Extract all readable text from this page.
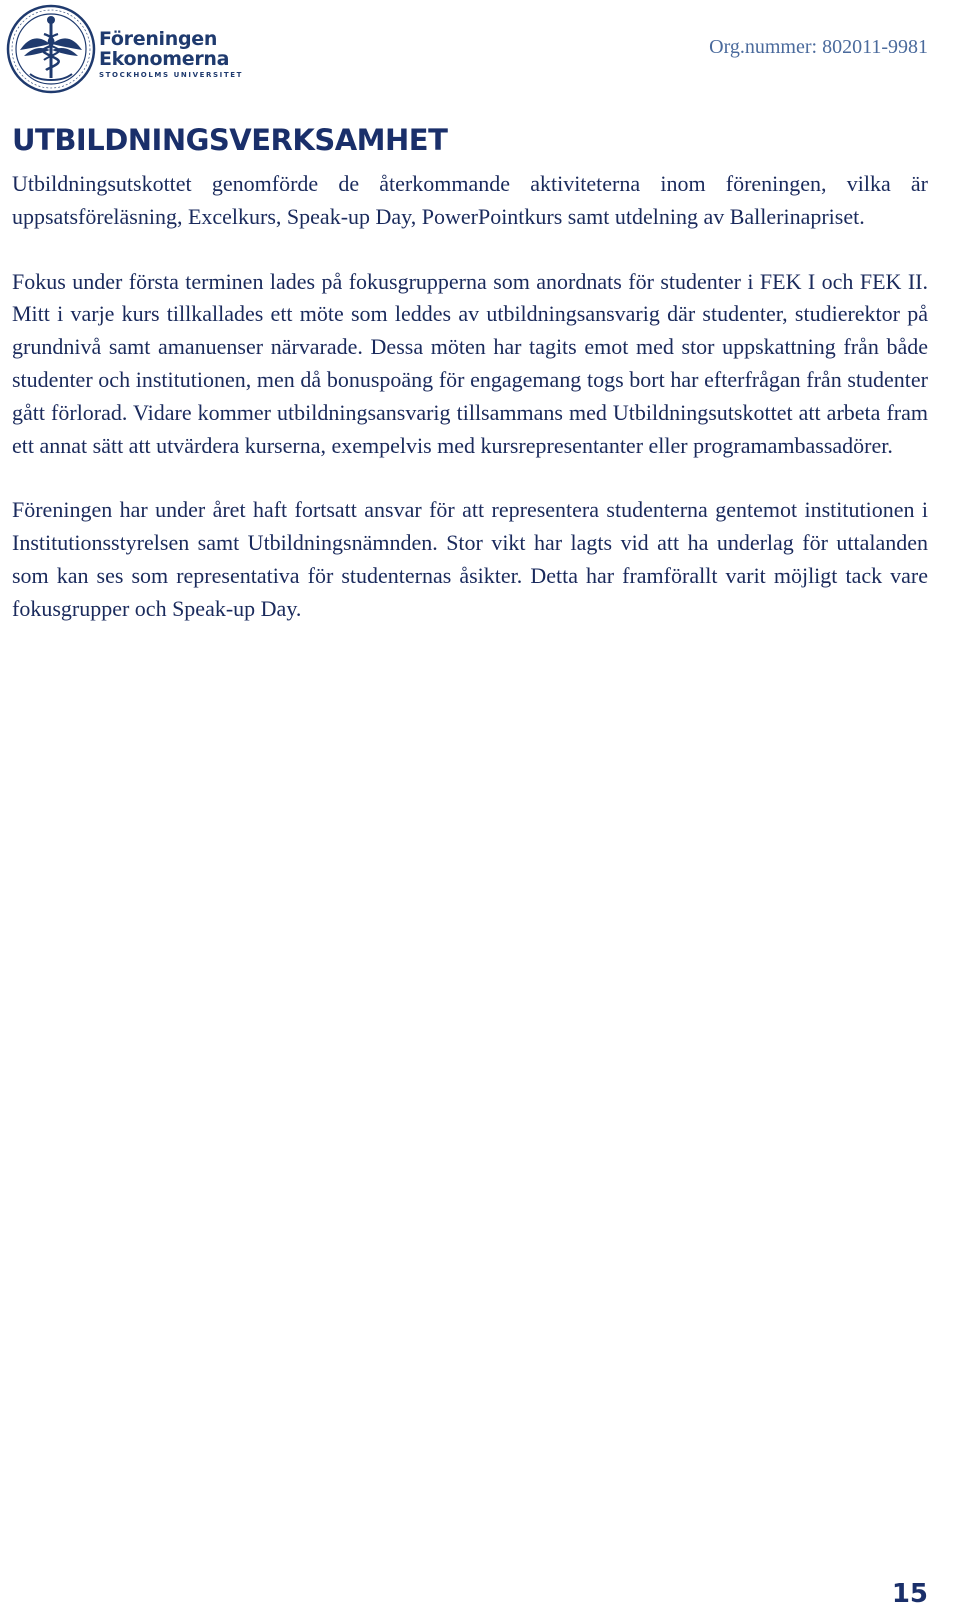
Föreningen
Ekonomerna
STOCKHOLMS UNIVERSITET
Org.nummer: 802011-9981
UTBILDNINGSVERKSAMHET

Utbildningsutskottet genomförde de återkommande aktiviteterna inom föreningen, vilka är uppsatsföreläsning, Excelkurs, Speak-up Day, PowerPointkurs samt utdelning av Ballerinapriset.

Fokus under första terminen lades på fokusgrupperna som anordnats för studenter i FEK I och FEK II. Mitt i varje kurs tillkallades ett möte som leddes av utbildningsansvarig där studenter, studierektor på grundnivå samt amanuenser närvarade. Dessa möten har tagits emot med stor uppskattning från både studenter och institutionen, men då bonuspoäng för engagemang togs bort har efterfrågan från studenter gått förlorad. Vidare kommer utbildningsansvarig tillsammans med Utbildningsutskottet att arbeta fram ett annat sätt att utvärdera kurserna, exempelvis med kursrepresentanter eller programambassadörer.

Föreningen har under året haft fortsatt ansvar för att representera studenterna gentemot institutionen i Institutionsstyrelsen samt Utbildningsnämnden. Stor vikt har lagts vid att ha underlag för uttalanden som kan ses som representativa för studenternas åsikter. Detta har framförallt varit möjligt tack vare fokusgrupper och Speak-up Day.

15
